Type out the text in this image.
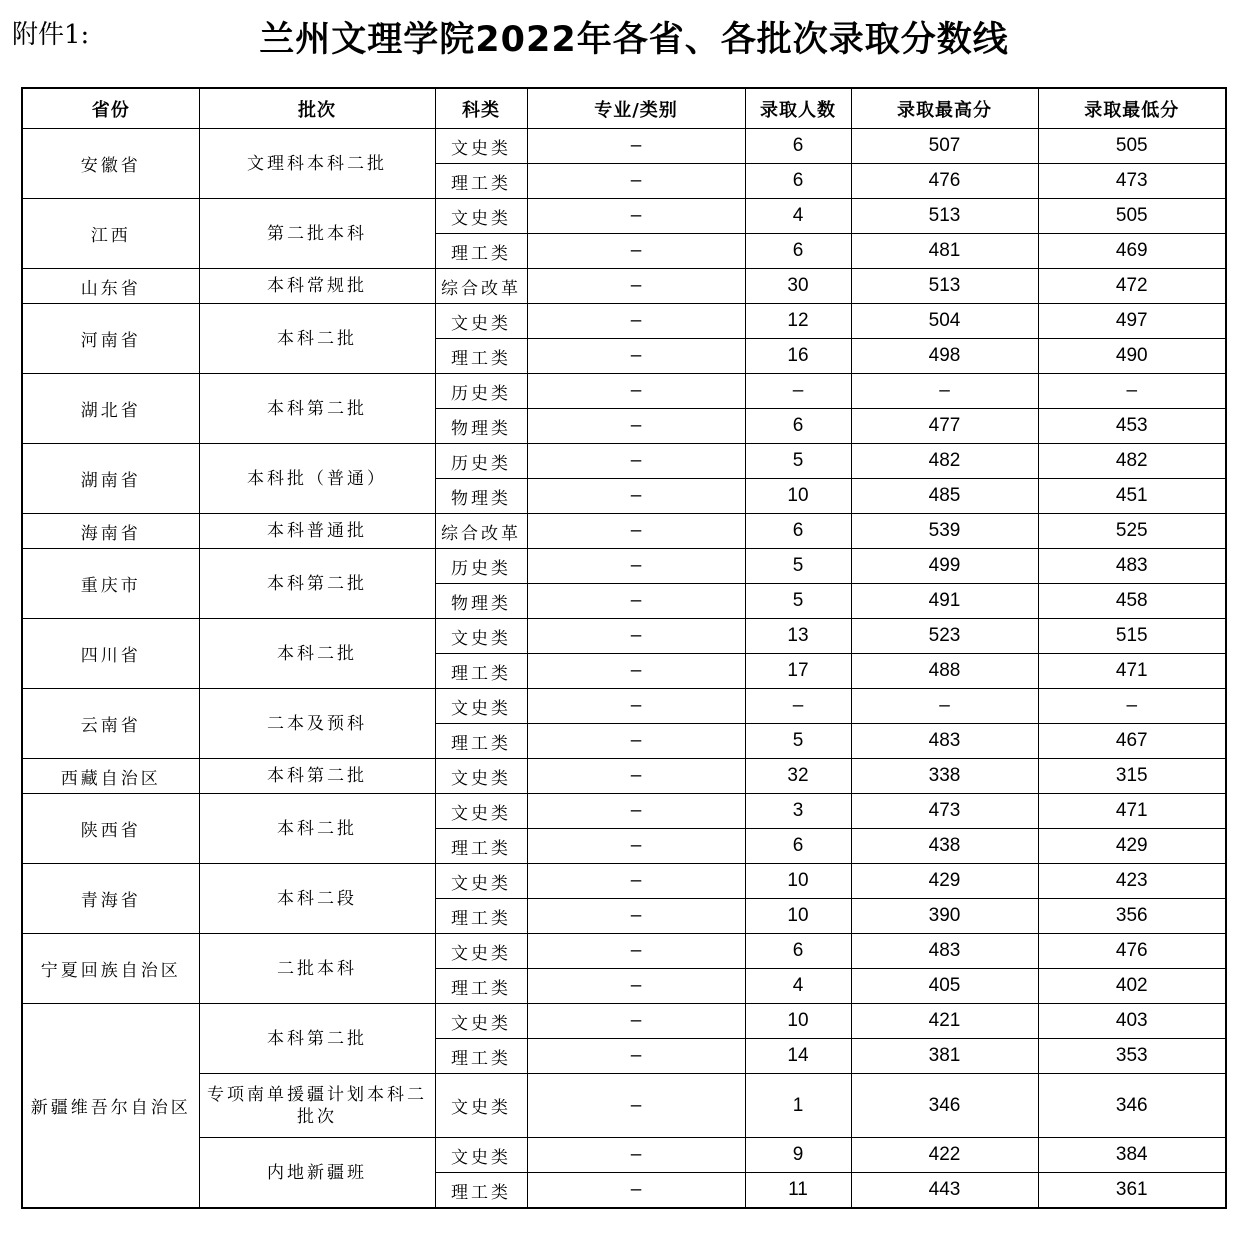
附件1:	兰州文理学院2022年各省、各批次录取分数线
省份	批次	科类	专业/类别	录取人数	录取最高分	录取最低分
安徽省	文理科本科二批	文史类	–	6	507	505
		理工类	–	6	476	473
江西	第二批本科	文史类	–	4	513	505
		理工类	–	6	481	469
山东省	本科常规批	综合改革	–	30	513	472
河南省	本科二批	文史类	–	12	504	497
		理工类	–	16	498	490
湖北省	本科第二批	历史类	–	–	–	–
		物理类	–	6	477	453
湖南省	本科批（普通）	历史类	–	5	482	482
		物理类	–	10	485	451
海南省	本科普通批	综合改革	–	6	539	525
重庆市	本科第二批	历史类	–	5	499	483
		物理类	–	5	491	458
四川省	本科二批	文史类	–	13	523	515
		理工类	–	17	488	471
云南省	二本及预科	文史类	–	–	–	–
		理工类	–	5	483	467
西藏自治区	本科第二批	文史类	–	32	338	315
陕西省	本科二批	文史类	–	3	473	471
		理工类	–	6	438	429
青海省	本科二段	文史类	–	10	429	423
		理工类	–	10	390	356
宁夏回族自治区	二批本科	文史类	–	6	483	476
		理工类	–	4	405	402
新疆维吾尔自治区	本科第二批	文史类	–	10	421	403
		理工类	–	14	381	353

	专项南单援疆计划本科二批次	文史类	–	1	346	346

	内地新疆班	文史类	–	9	422	384
		理工类	–	11	443	361
